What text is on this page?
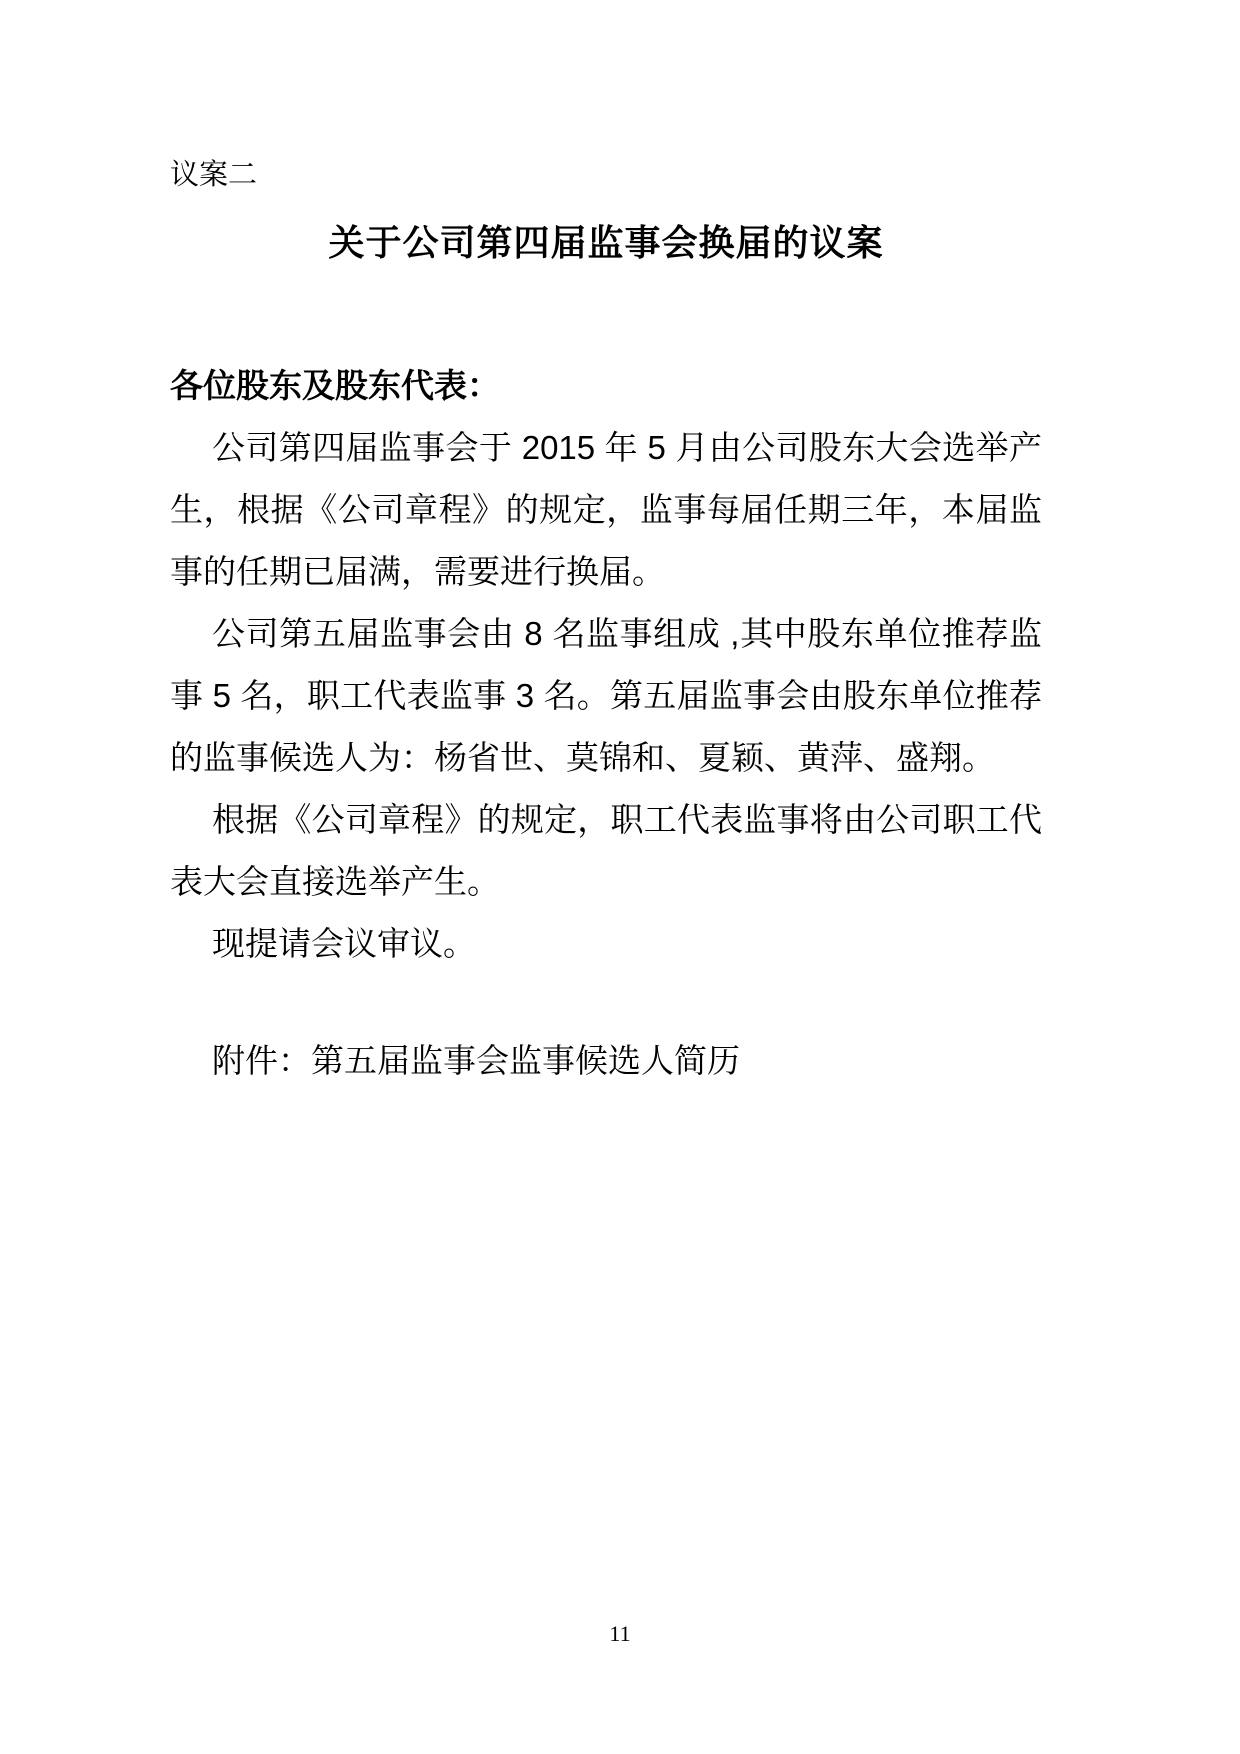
议案二
关于公司第四届监事会换届的议案
各位股东及股东代表：

公司第四届监事会于 2015 年 5 月由公司股东大会选举产生，根据《公司章程》的规定，监事每届任期三年，本届监事的任期已届满，需要进行换届。

公司第五届监事会由 8 名监事组成 ,其中股东单位推荐监事 5 名，职工代表监事 3 名。第五届监事会由股东单位推荐的监事候选人为：杨省世、莫锦和、夏颖、黄萍、盛翔。

根据《公司章程》的规定，职工代表监事将由公司职工代表大会直接选举产生。

现提请会议审议。

附件：第五届监事会监事候选人简历
11
